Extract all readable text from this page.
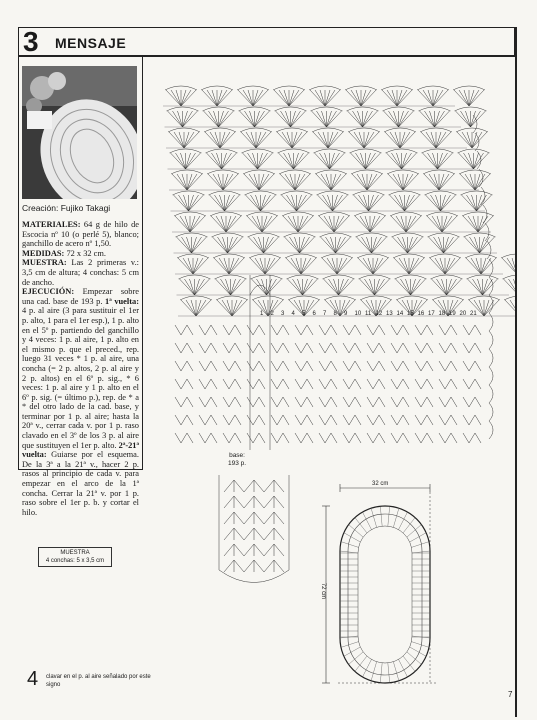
3 MENSAJE
Creación: Fujiko Takagi

MATERIALES: 64 g de hilo de Escocia nº 10 (o perlé 5), blanco; ganchillo de acero nº 1,50.

MEDIDAS: 72 x 32 cm.

MUESTRA: Las 2 primeras v.: 3,5 cm de altura; 4 conchas: 5 cm de ancho.

EJECUCIÓN: Empezar sobre una cad. base de 193 p. 1ª vuelta: 4 p. al aire (3 para sustituir el 1er p. alto, 1 para el 1er esp.), 1 p. alto en el 5º p. partiendo del ganchillo y 4 veces: 1 p. al aire, 1 p. alto en el mismo p. que el preced., rep. luego 31 veces * 1 p. al aire, una concha (= 2 p. altos, 2 p. al aire y 2 p. altos) en el 6º p. sig., * 6 veces: 1 p. al aire y 1 p. alto en el 6º p. sig. (= último p.), rep. de * a * del otro lado de la cad. base, y terminar por 1 p. al aire; hasta la 20ª v., cerrar cada v. por 1 p. raso clavado en el 3º de los 3 p. al aire que sustituyen el 1er p. alto. 2ª-21ª vuelta: Guiarse por el esquema. De la 3ª a la 21ª v., hacer 2 p. rasos al principio de cada v. para empezar en el arco de la 1ª concha. Cerrar la 21ª v. por 1 p. raso sobre el 1er p. b. y cortar el hilo.

MUESTRA
4 conchas: 5 x 3,5 cm
1 2 3 4 5 6 7 8 9 10 11 12 13 14 15 16 17 18 19 20 21
base:
193 p.
32 cm
72 cm
4 clavar en el p. al aire señalado por este signo
7
